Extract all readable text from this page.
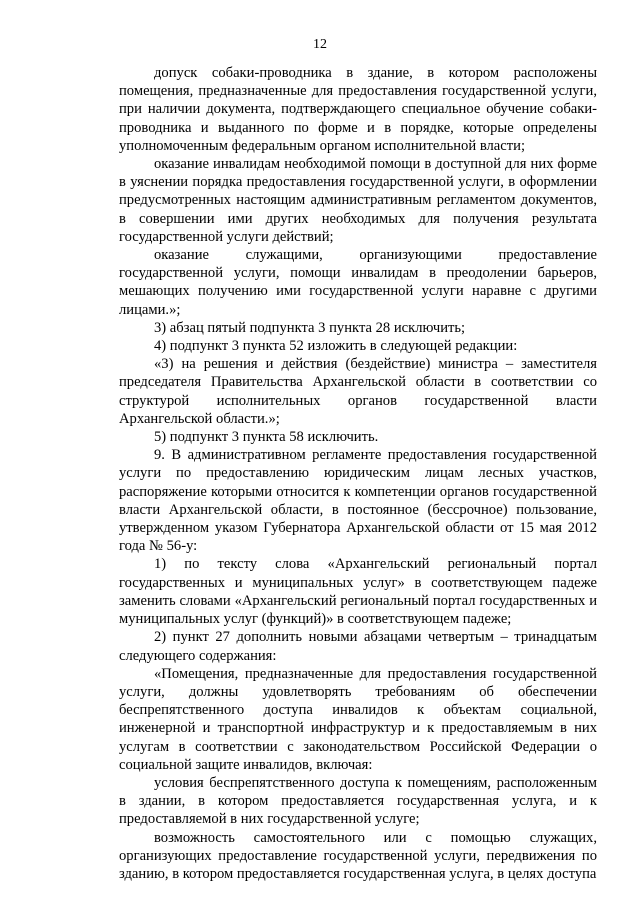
12

допуск собаки-проводника в здание, в котором расположены помещения, предназначенные для предоставления государственной услуги, при наличии документа, подтверждающего специальное обучение собаки-проводника и выданного по форме и в порядке, которые определены уполномоченным федеральным органом исполнительной власти;

оказание инвалидам необходимой помощи в доступной для них форме в уяснении порядка предоставления государственной услуги, в оформлении предусмотренных настоящим административным регламентом документов, в совершении ими других необходимых для получения результата государственной услуги действий;

оказание служащими, организующими предоставление государственной услуги, помощи инвалидам в преодолении барьеров, мешающих получению ими государственной услуги наравне с другими лицами.»;

3) абзац пятый подпункта 3 пункта 28 исключить;

4) подпункт 3 пункта 52 изложить в следующей редакции:

«3) на решения и действия (бездействие) министра – заместителя председателя Правительства Архангельской области в соответствии со структурой исполнительных органов государственной власти Архангельской области.»;

5) подпункт 3 пункта 58 исключить.

9. В административном регламенте предоставления государственной услуги по предоставлению юридическим лицам лесных участков, распоряжение которыми относится к компетенции органов государственной власти Архангельской области, в постоянное (бессрочное) пользование, утвержденном указом Губернатора Архангельской области от 15 мая 2012 года № 56-у:

1) по тексту слова «Архангельский региональный портал государственных и муниципальных услуг» в соответствующем падеже заменить словами «Архангельский региональный портал государственных и муниципальных услуг (функций)» в соответствующем падеже;

2) пункт 27 дополнить новыми абзацами четвертым – тринадцатым следующего содержания:

«Помещения, предназначенные для предоставления государственной услуги, должны удовлетворять требованиям об обеспечении беспрепятственного доступа инвалидов к объектам социальной, инженерной и транспортной инфраструктур и к предоставляемым в них услугам в соответствии с законодательством Российской Федерации о социальной защите инвалидов, включая:

условия беспрепятственного доступа к помещениям, расположенным в здании, в котором предоставляется государственная услуга, и к предоставляемой в них государственной услуге;

возможность самостоятельного или с помощью служащих, организующих предоставление государственной услуги, передвижения по зданию, в котором предоставляется государственная услуга, в целях доступа
